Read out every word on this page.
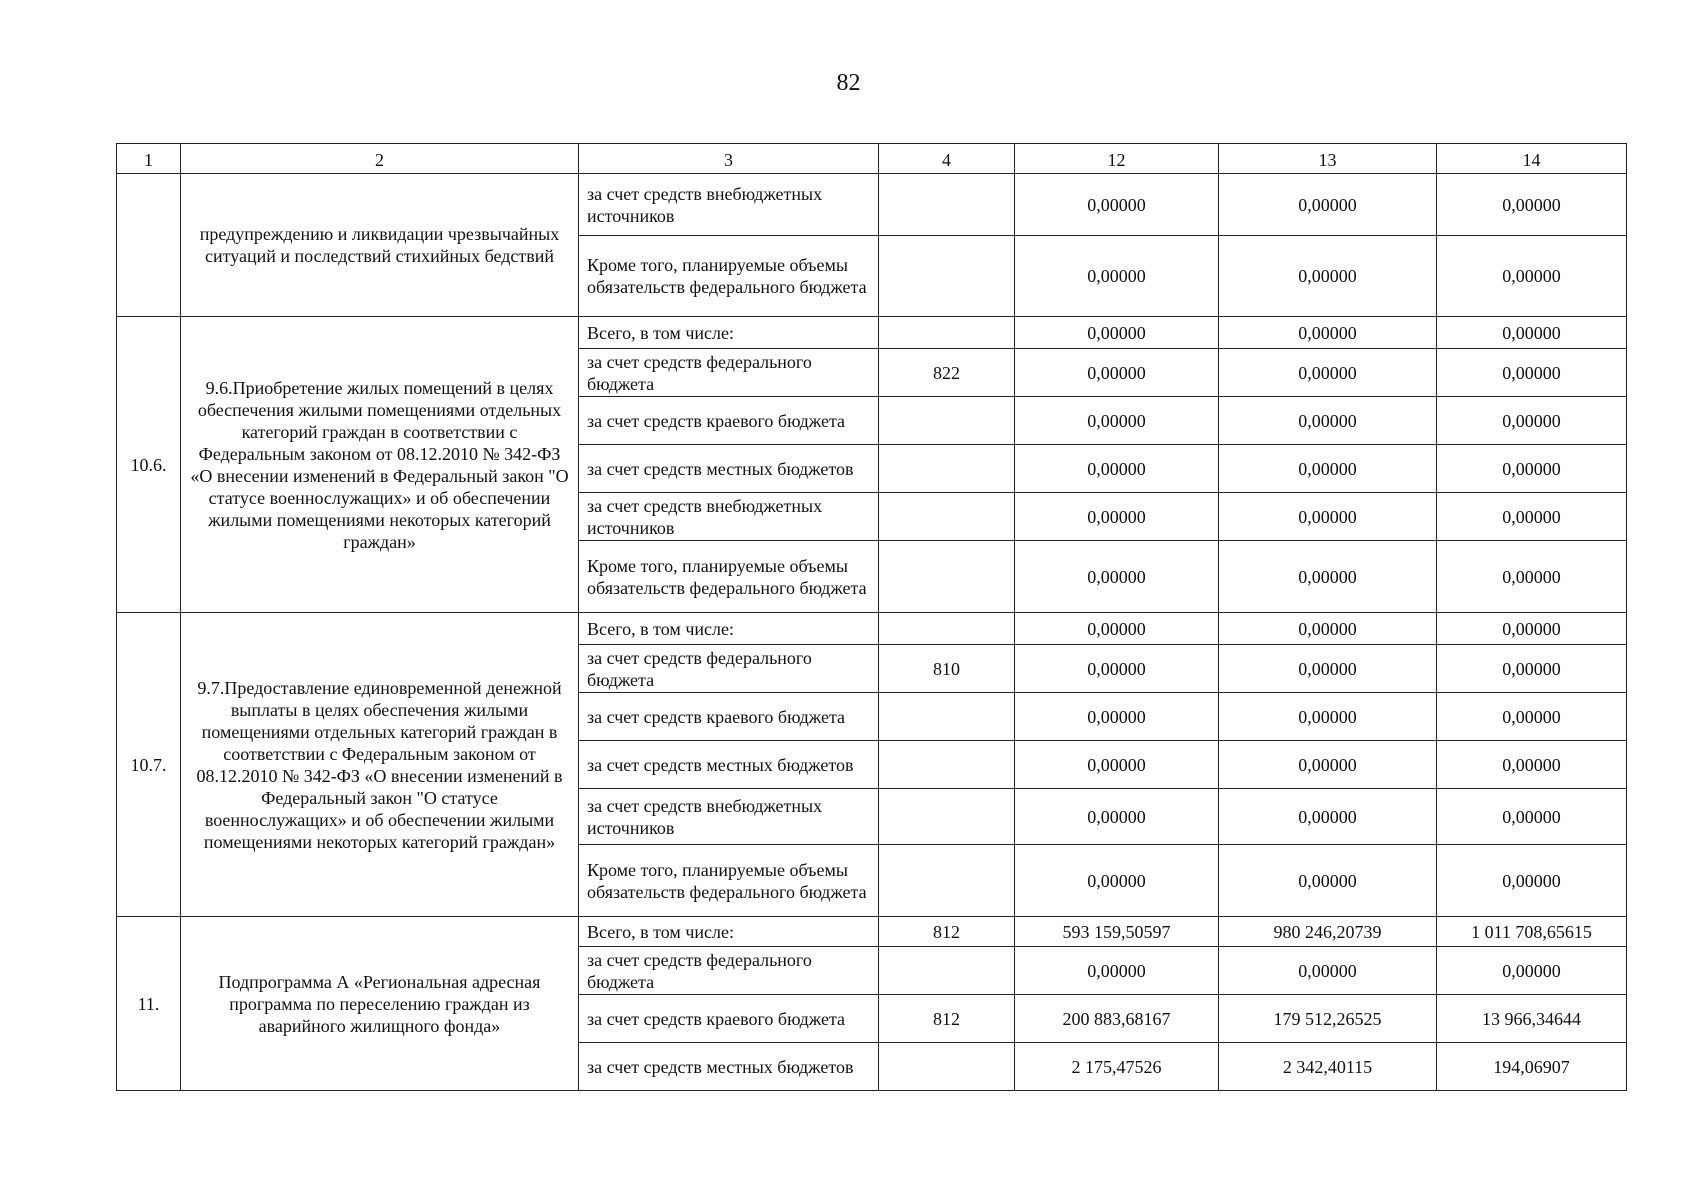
82
1	2	3	4	12	13	14
	предупреждению и ликвидации чрезвычайных ситуаций и последствий стихийных бедствий	за счет средств внебюджетных источников		0,00000	0,00000	0,00000
		Кроме того, планируемые объемы обязательств федерального бюджета		0,00000	0,00000	0,00000
10.6.	9.6.Приобретение жилых помещений в целях обеспечения жилыми помещениями отдельных категорий граждан в соответствии с Федеральным законом от 08.12.2010 № 342-ФЗ «О внесении изменений в Федеральный закон "О статусе военнослужащих» и об обеспечении жилыми помещениями некоторых категорий граждан»	Всего, в том числе:		0,00000	0,00000	0,00000
		за счет средств федерального бюджета	822	0,00000	0,00000	0,00000
		за счет средств краевого бюджета		0,00000	0,00000	0,00000
		за счет средств местных бюджетов		0,00000	0,00000	0,00000
		за счет средств внебюджетных источников		0,00000	0,00000	0,00000
		Кроме того, планируемые объемы обязательств федерального бюджета		0,00000	0,00000	0,00000
10.7.	9.7.Предоставление единовременной денежной выплаты в целях обеспечения жилыми помещениями отдельных категорий граждан в соответствии с Федеральным законом от 08.12.2010 № 342-ФЗ «О внесении изменений в Федеральный закон "О статусе военнослужащих» и об обеспечении жилыми помещениями некоторых категорий граждан»	Всего, в том числе:		0,00000	0,00000	0,00000
		за счет средств федерального бюджета	810	0,00000	0,00000	0,00000
		за счет средств краевого бюджета		0,00000	0,00000	0,00000
		за счет средств местных бюджетов		0,00000	0,00000	0,00000
		за счет средств внебюджетных источников		0,00000	0,00000	0,00000
		Кроме того, планируемые объемы обязательств федерального бюджета		0,00000	0,00000	0,00000
11.	Подпрограмма А «Региональная адресная программа по переселению граждан из аварийного жилищного фонда»	Всего, в том числе:	812	593 159,50597	980 246,20739	1 011 708,65615
		за счет средств федерального бюджета		0,00000	0,00000	0,00000
		за счет средств краевого бюджета	812	200 883,68167	179 512,26525	13 966,34644
		за счет средств местных бюджетов		2 175,47526	2 342,40115	194,06907
